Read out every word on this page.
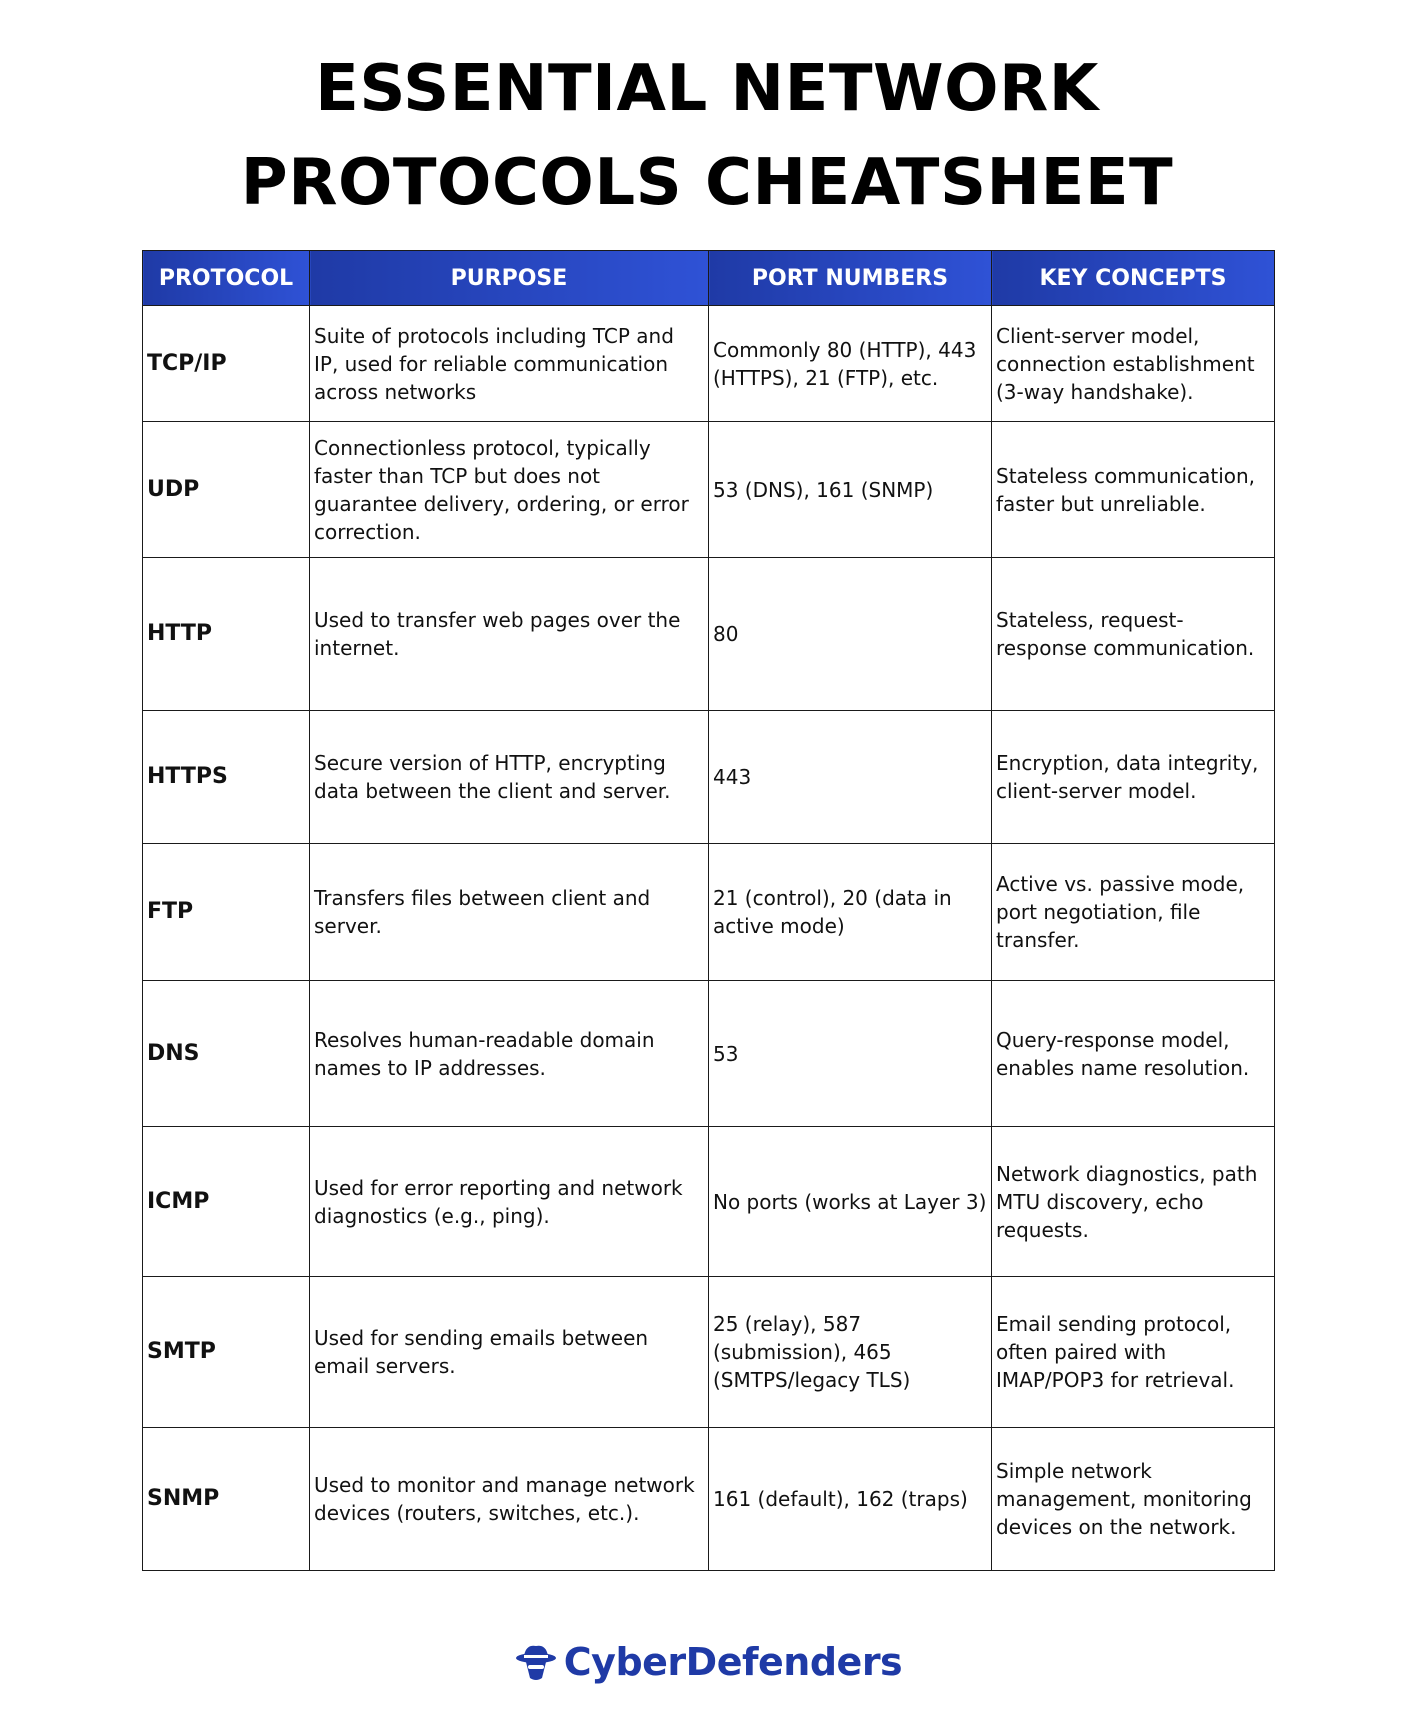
ESSENTIAL NETWORK
PROTOCOLS CHEATSHEET
PROTOCOL	PURPOSE	PORT NUMBERS	KEY CONCEPTS
TCP/IP	Suite of protocols including TCP and IP, used for reliable communication across networks	Commonly 80 (HTTP), 443 (HTTPS), 21 (FTP), etc.	Client-server model, connection establishment (3-way handshake).
UDP	Connectionless protocol, typically faster than TCP but does not guarantee delivery, ordering, or error correction.	53 (DNS), 161 (SNMP)	Stateless communication, faster but unreliable.
HTTP	Used to transfer web pages over the internet.	80	Stateless, request-response communication.
HTTPS	Secure version of HTTP, encrypting data between the client and server.	443	Encryption, data integrity, client-server model.
FTP	Transfers files between client and server.	21 (control), 20 (data in active mode)	Active vs. passive mode, port negotiation, file transfer.
DNS	Resolves human-readable domain names to IP addresses.	53	Query-response model, enables name resolution.
ICMP	Used for error reporting and network diagnostics (e.g., ping).	No ports (works at Layer 3)	Network diagnostics, path MTU discovery, echo requests.
SMTP	Used for sending emails between email servers.	25 (relay), 587 (submission), 465 (SMTPS/legacy TLS)	Email sending protocol, often paired with IMAP/POP3 for retrieval.
SNMP	Used to monitor and manage network devices (routers, switches, etc.).	161 (default), 162 (traps)	Simple network management, monitoring devices on the network.
CyberDefenders
